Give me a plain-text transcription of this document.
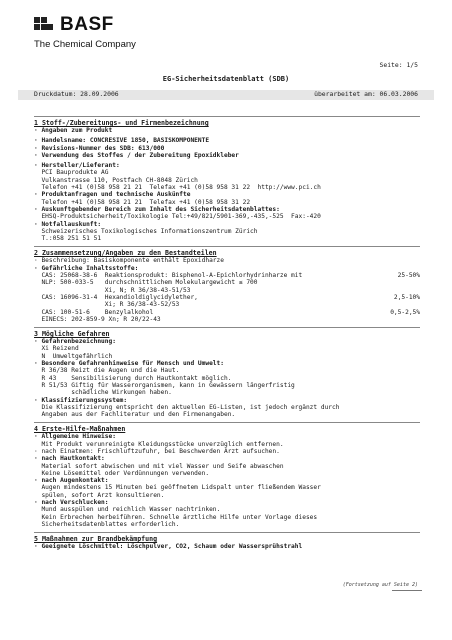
BASF
The Chemical Company
Seite: 1/5
EG-Sicherheitsdatenblatt (SDB)

Druckdatum: 28.09.2006

	überarbeitet am: 06.03.2006

1 Stoff-/Zubereitungs- und Firmenbezeichnung
· Angaben zum Produkt
· Handelsname: CONCRESIVE 1850, BASISKOMPONENTE
· Revisions-Nummer des SDB: 613/000
· Verwendung des Stoffes / der Zubereitung Epoxidkleber
· Hersteller/Lieferant:
PCI Bauprodukte AG
Vulkanstrasse 110, Postfach CH-8048 Zürich
Telefon +41 (0)58 958 21 21  Telefax +41 (0)58 958 31 22  http://www.pci.ch
· Produktanfragen und technische Auskünfte
Telefon +41 (0)58 958 21 21  Telefax +41 (0)58 958 31 22
· Auskunftgebender Bereich zum Inhalt des Sicherheitsdatenblattes:
EHSQ-Produktsicherheit/Toxikologie Tel:+49/821/5901-369,-435,-525  Fax:-420
· Notfallauskunft:
Schweizerisches Toxikologisches Informationszentrum Zürich
T.:058 251 51 51
2 Zusammensetzung/Angaben zu den Bestandteilen
· Beschreibung: Basiskomponente enthält Epoxidharze
· Gefährliche Inhaltsstoffe:
CAS: 25068-38-6  Reaktionsprodukt: Bisphenol-A-Epichlorhydrinharze mit	25-50%
NLP: 500-033-5   durchschnittlichem Molekulargewicht ≤ 700
Xi, N; R 36/38-43-51/53
CAS: 16096-31-4  Hexandioldiglycidylether,	2,5-10%
Xi; R 36/38-43-52/53
CAS: 100-51-6    Benzylalkohol	0,5-2,5%
EINECS: 202-859-9 Xn; R 20/22-43
3 Mögliche Gefahren
· Gefahrenbezeichnung:
Xi Reizend
N  Umweltgefährlich
· Besondere Gefahrenhinweise für Mensch und Umwelt:
R 36/38 Reizt die Augen und die Haut.
R 43    Sensibilisierung durch Hautkontakt möglich.
R 51/53 Giftig für Wasserorganismen, kann in Gewässern längerfristig
schädliche Wirkungen haben.
· Klassifizierungssystem:
Die Klassifizierung entspricht den aktuellen EG-Listen, ist jedoch ergänzt durch
Angaben aus der Fachliteratur und den Firmenangaben.
4 Erste-Hilfe-Maßnahmen
· Allgemeine Hinweise:
Mit Produkt verunreinigte Kleidungsstücke unverzüglich entfernen.
· nach Einatmen: Frischluftzufuhr, bei Beschwerden Arzt aufsuchen.
· nach Hautkontakt:
Material sofort abwischen und mit viel Wasser und Seife abwaschen
Keine Lösemittel oder Verdünnungen verwenden.
· nach Augenkontakt:
Augen mindestens 15 Minuten bei geöffnetem Lidspalt unter fließendem Wasser
spülen, sofort Arzt konsultieren.
· nach Verschlucken:
Mund ausspülen und reichlich Wasser nachtrinken.
Kein Erbrechen herbeiführen. Schnelle ärztliche Hilfe unter Vorlage dieses
Sicherheitsdatenblattes erforderlich.
5 Maßnahmen zur Brandbekämpfung
· Geeignete Löschmittel: Löschpulver, CO2, Schaum oder Wassersprühstrahl
(Fortsetzung auf Seite 2)
